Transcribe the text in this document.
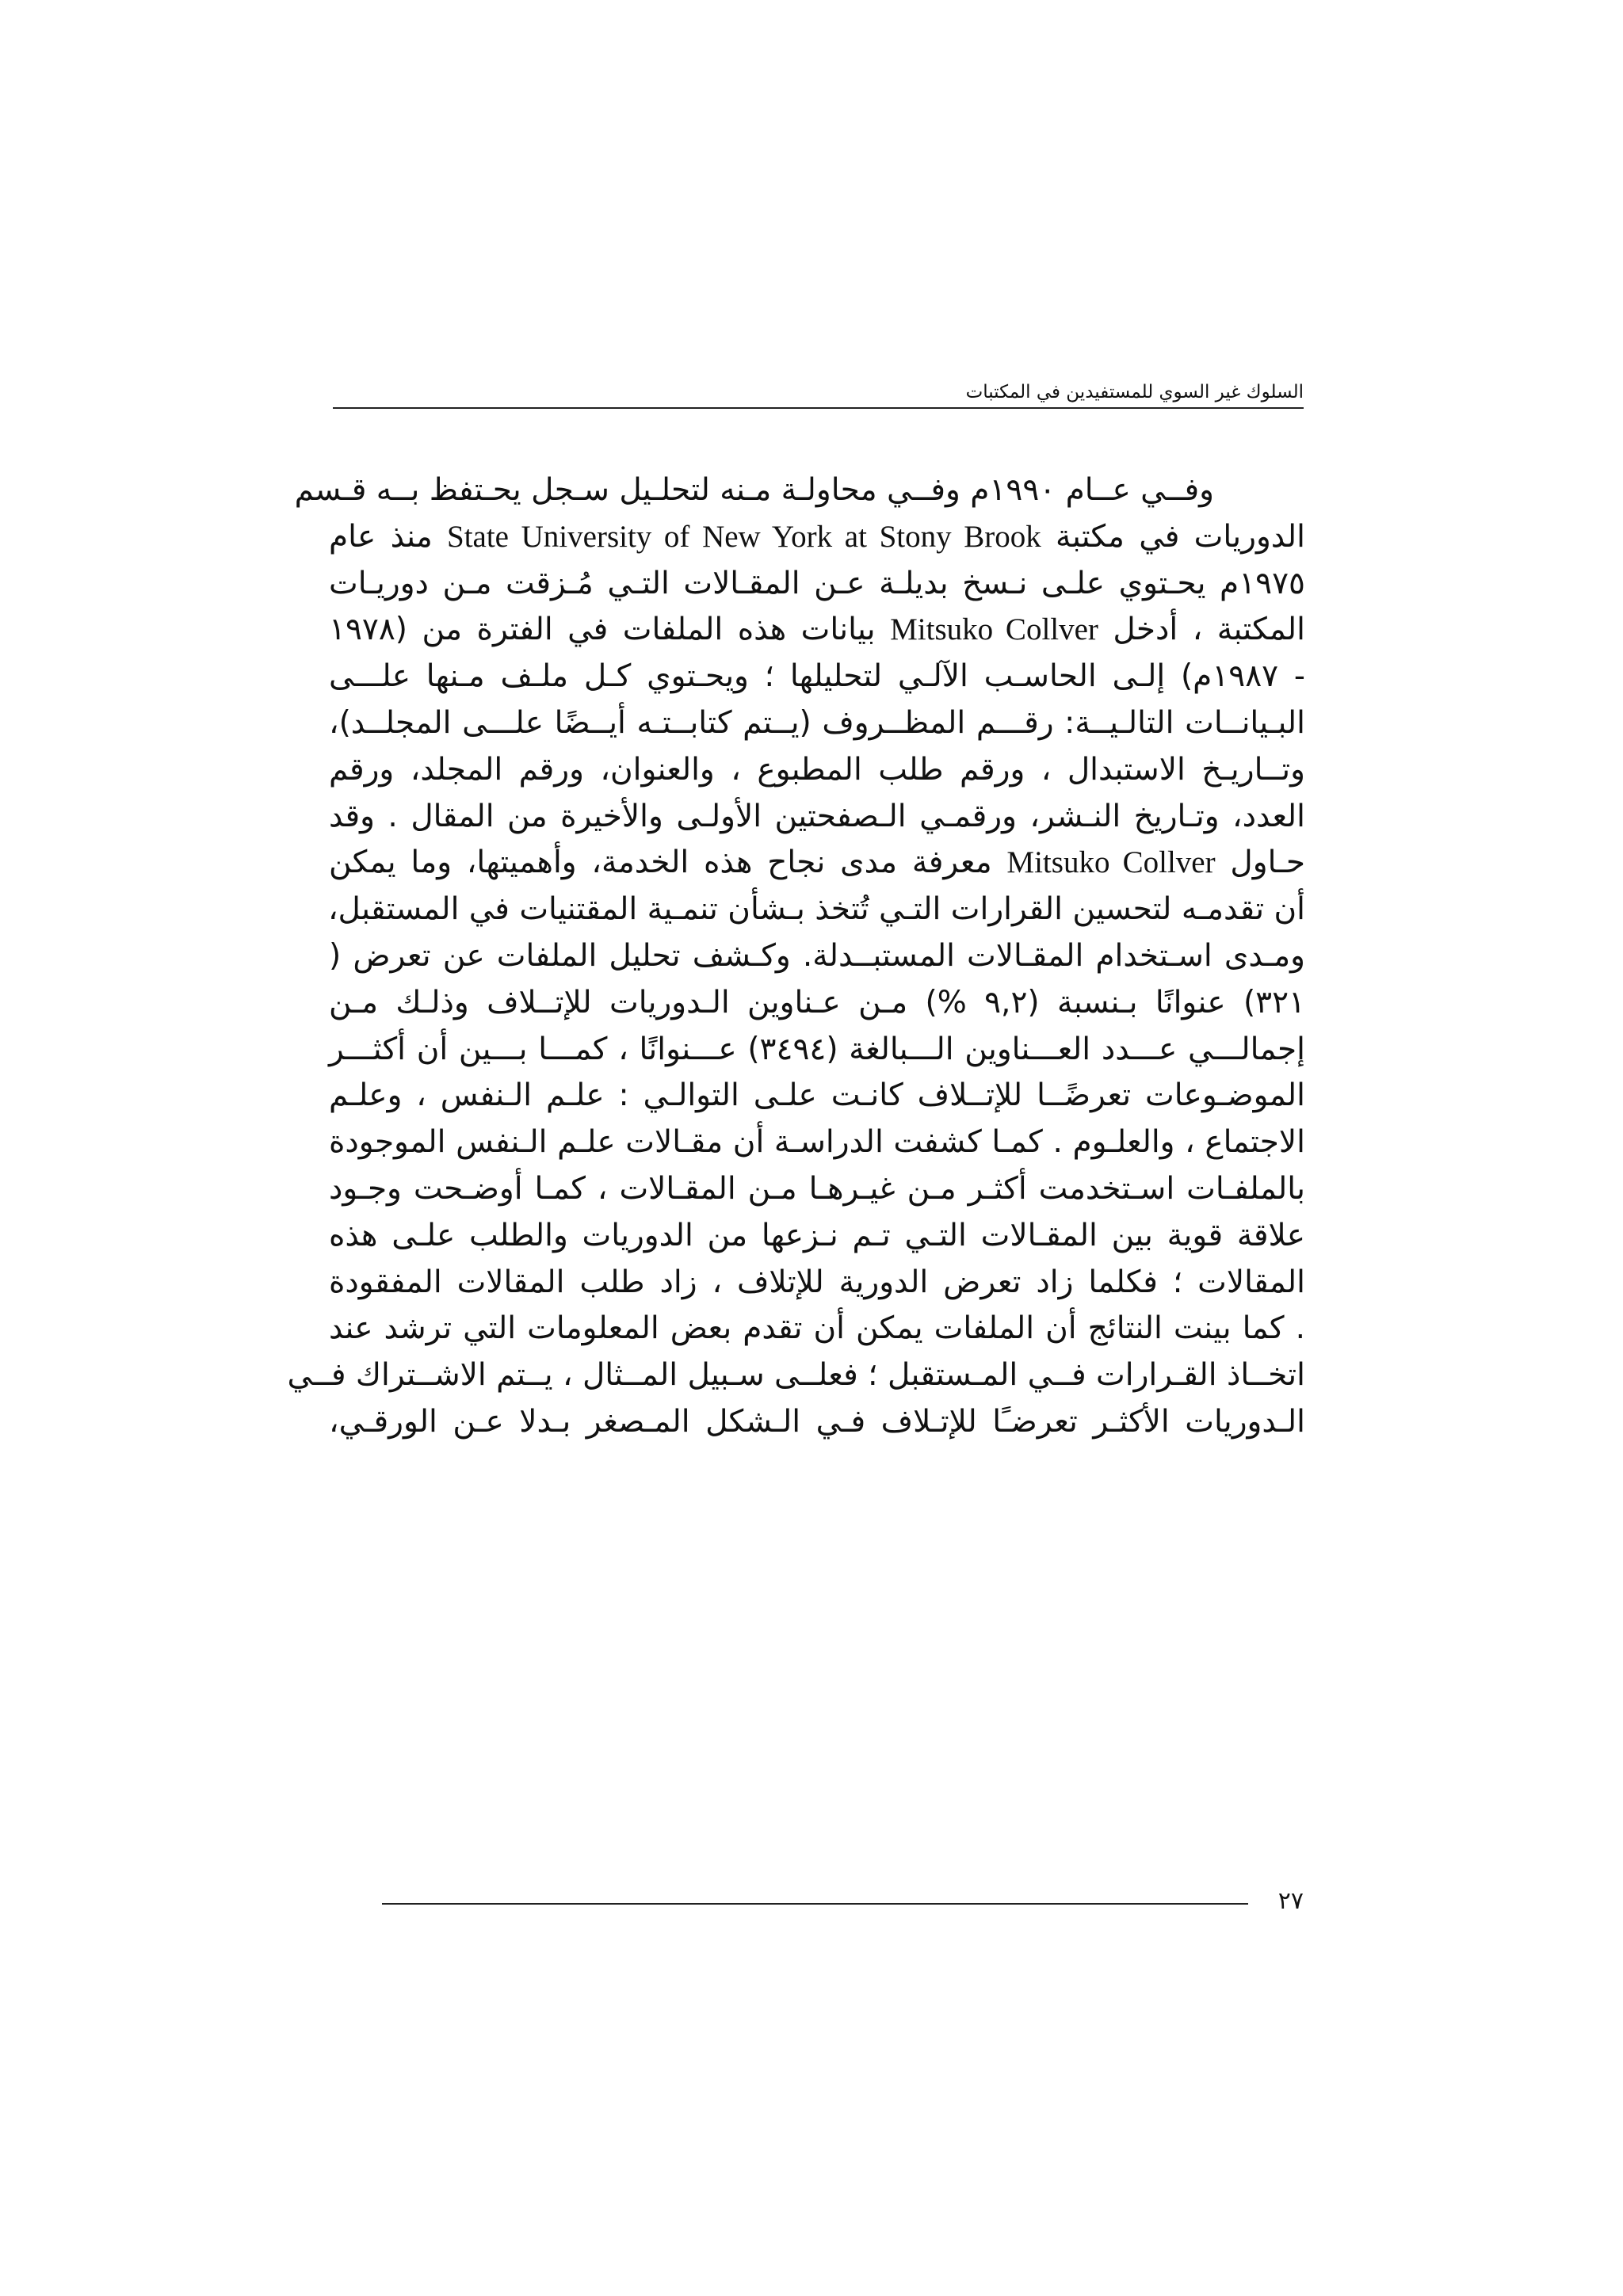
السلوك غير السوي للمستفيدين في المكتبات
وفــي عــام ١٩٩٠م وفــي محاولـة مـنه لتحلـيل سـجل يحـتفظ بــه قـسم
الدوريات في مكتبة State University of New York at Stony Brook منذ عام
١٩٧٥م يحـتوي علـى نـسخ بديلـة عـن المقـالات التـي مُـزقت مـن دوريـات
المكتبة ، أدخل Mitsuko Collver بيانات هذه الملفات في الفترة من (١٩٧٨
- ١٩٨٧م) إلـى الحاسـب الآلـي لتحليلها ؛ ويحـتوي كـل ملـف مـنها علـــى
البـيانــات التالـيــة: رقـــم المظــروف (يــتم كتابــتـه أيــضًا علـــى المجلــد)،
وتــاريـخ الاستبدال ، ورقم طلب المطبوع ، والعنوان، ورقم المجلد، ورقم
العدد، وتـاريخ النـشر، ورقمـي الـصفحتين الأولـى والأخيرة من المقال . وقد
حـاول Mitsuko Collver معرفة مدى نجاح هذه الخدمة، وأهميتها، وما يمكن
أن تقدمـه لتحسين القرارات التـي تُتخذ بـشأن تنمـية المقتنيات في المستقبل،
ومـدى اسـتخدام المقـالات المستبــدلة. وكـشف تحليل الملفات عن تعرض (
٣٢١) عنوانًا بـنسبة (٩,٢ %) مـن عـناوين الـدوريات للإتــلاف وذلـك مـن
إجمالـــي عـــدد العـــناوين الـــبالغة (٣٤٩٤) عـــنوانًا ، كمـــا بـــين أن أكثـــر
الموضـوعات تعرضًــا للإتــلاف كانـت علـى التوالـي : علـم الـنفس ، وعلـم
الاجتماع ، والعلـوم . كمـا كشفت الدراسـة أن مقـالات علـم الـنفس الموجودة
بالملفـات اسـتخدمت أكثـر مـن غيـرهـا مـن المقـالات ، كمـا أوضـحت وجـود
علاقة قوية بين المقـالات التـي تـم نـزعها من الدوريات والطلب علـى هذه
المقالات ؛ فكلما زاد تعرض الدورية للإتلاف ، زاد طلب المقالات المفقودة
. كما بينت النتائج أن الملفات يمكن أن تقدم بعض المعلومات التي ترشد عند
اتخــاذ القـرارات فــي المـستقبل ؛ فعلــى سـبيل المــثال ، يــتم الاشــتراك فــي
الـدوريات الأكثـر تعرضـًا للإتـلاف فـي الـشكل المـصغر بـدلا عـن الورقـي،
٢٧
